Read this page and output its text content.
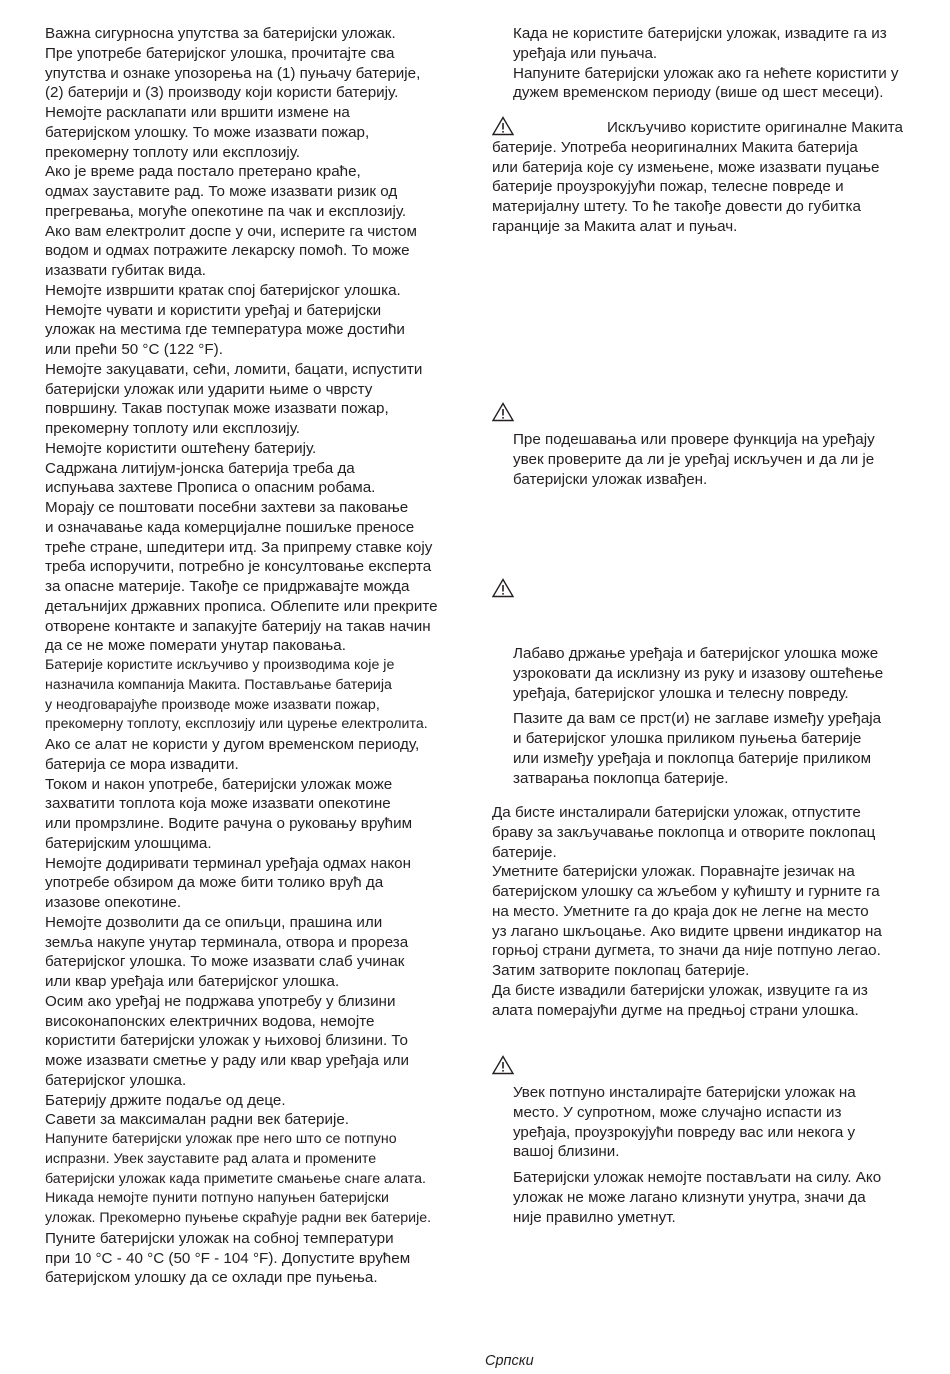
Важна сигурносна упутства за батеријски уложак.
Пре употребе батеријског улошка, прочитајте сва
упутства и ознаке упозорења на (1) пуњачу батерије,
(2) батерији и (3) производу који користи батерију.
Немојте расклапати или вршити измене на
батеријском улошку. То може изазвати пожар,
прекомерну топлоту или експлозију.
Ако је време рада постало претерано краће,
одмах зауставите рад. То може изазвати ризик од
прегревања, могуће опекотине па чак и експлозију.
Ако вам електролит доспе у очи, исперите га чистом
водом и одмах потражите лекарску помоћ. То може
изазвати губитак вида.
Немојте извршити кратак спој батеријског улошка.
Немојте чувати и користити уређај и батеријски
уложак на местима где температура може достићи
или прећи 50 °C (122 °F).
Немојте закуцавати, сећи, ломити, бацати, испустити
батеријски уложак или ударити њиме о чврсту
површину. Такав поступак може изазвати пожар,
прекомерну топлоту или експлозију.
Немојте користити оштећену батерију.
Садржана литијум-јонска батерија треба да
испуњава захтеве Прописа о опасним робама.
Морају се поштовати посебни захтеви за паковање
и означавање када комерцијалне пошиљке преносе
треће стране, шпедитери итд. За припрему ставке коју
треба испоручити, потребно је консултовање експерта
за опасне материје. Такође се придржавајте можда
детаљнијих државних прописа. Облепите или прекрите
отворене контакте и запакујте батерију на такав начин
да се не може померати унутар паковања.
Батерије користите искључиво у производима које је
назначила компанија Макита. Постављање батерија
у неодговарајуће производе може изазвати пожар,
прекомерну топлоту, експлозију или цурење електролита.
Ако се алат не користи у дугом временском периоду,
батерија се мора извадити.
Током и након употребе, батеријски уложак може
захватити топлота која може изазвати опекотине
или промрзлине. Водите рачуна о руковању врућим
батеријским улошцима.
Немојте додиривати терминал уређаја одмах након
употребе обзиром да може бити толико врућ да
изазове опекотине.
Немојте дозволити да се опиљци, прашина или
земља накупе унутар терминала, отвора и прореза
батеријског улошка. То може изазвати слаб учинак
или квар уређаја или батеријског улошка.
Осим ако уређај не подржава употребу у близини
високонапонских електричних водова, немојте
користити батеријски уложак у њиховој близини. То
може изазвати сметње у раду или квар уређаја или
батеријског улошка.
Батерију држите подаље од деце.
Савети за максималан радни век батерије.
Напуните батеријски уложак пре него што се потпуно
испразни. Увек зауставите рад алата и промените
батеријски уложак када приметите смањење снаге алата.
Никада немојте пунити потпуно напуњен батеријски
уложак. Прекомерно пуњење скраћује радни век батерије.
Пуните батеријски уложак на собној температури
при 10 °C - 40 °C (50 °F - 104 °F). Допустите врућем
батеријском улошку да се охлади пре пуњења.
Када не користите батеријски уложак, извадите га из
уређаја или пуњача.
Напуните батеријски уложак ако га нећете користити у
дужем временском периоду (више од шест месеци).
Искључиво користите оригиналне Макита
батерије. Употреба неоригиналних Макита батерија
или батерија које су измењене, може изазвати пуцање
батерије проузрокујући пожар, телесне повреде и
материјалну штету. То ће такође довести до губитка
гаранције за Макита алат и пуњач.
Пре подешавања или провере функција на уређају
увек проверите да ли је уређај искључен и да ли је
батеријски уложак извађен.
Лабаво држање уређаја и батеријског улошка може
узроковати да исклизну из руку и изазову оштећење
уређаја, батеријског улошка и телесну повреду.
Пазите да вам се прст(и) не заглаве између уређаја
и батеријског улошка приликом пуњења батерије
или између уређаја и поклопца батерије приликом
затварања поклопца батерије.
Да бисте инсталирали батеријски уложак, отпустите
браву за закључавање поклопца и отворите поклопац
батерије.
Уметните батеријски уложак. Поравнајте језичак на
батеријском улошку са жљебом у кућишту и гурните га
на место. Уметните га до краја док не легне на место
уз лагано шкљоцање. Ако видите црвени индикатор на
горњој страни дугмета, то значи да није потпуно легао.
Затим затворите поклопац батерије.
Да бисте извадили батеријски уложак, извуците га из
алата померајући дугме на предњој страни улошка.
Увек потпуно инсталирајте батеријски уложак на
место. У супротном, може случајно испасти из
уређаја, проузрокујући повреду вас или некога у
вашој близини.
Батеријски уложак немојте постављати на силу. Ако
уложак не може лагано клизнути унутра, значи да
није правилно уметнут.
Српски
